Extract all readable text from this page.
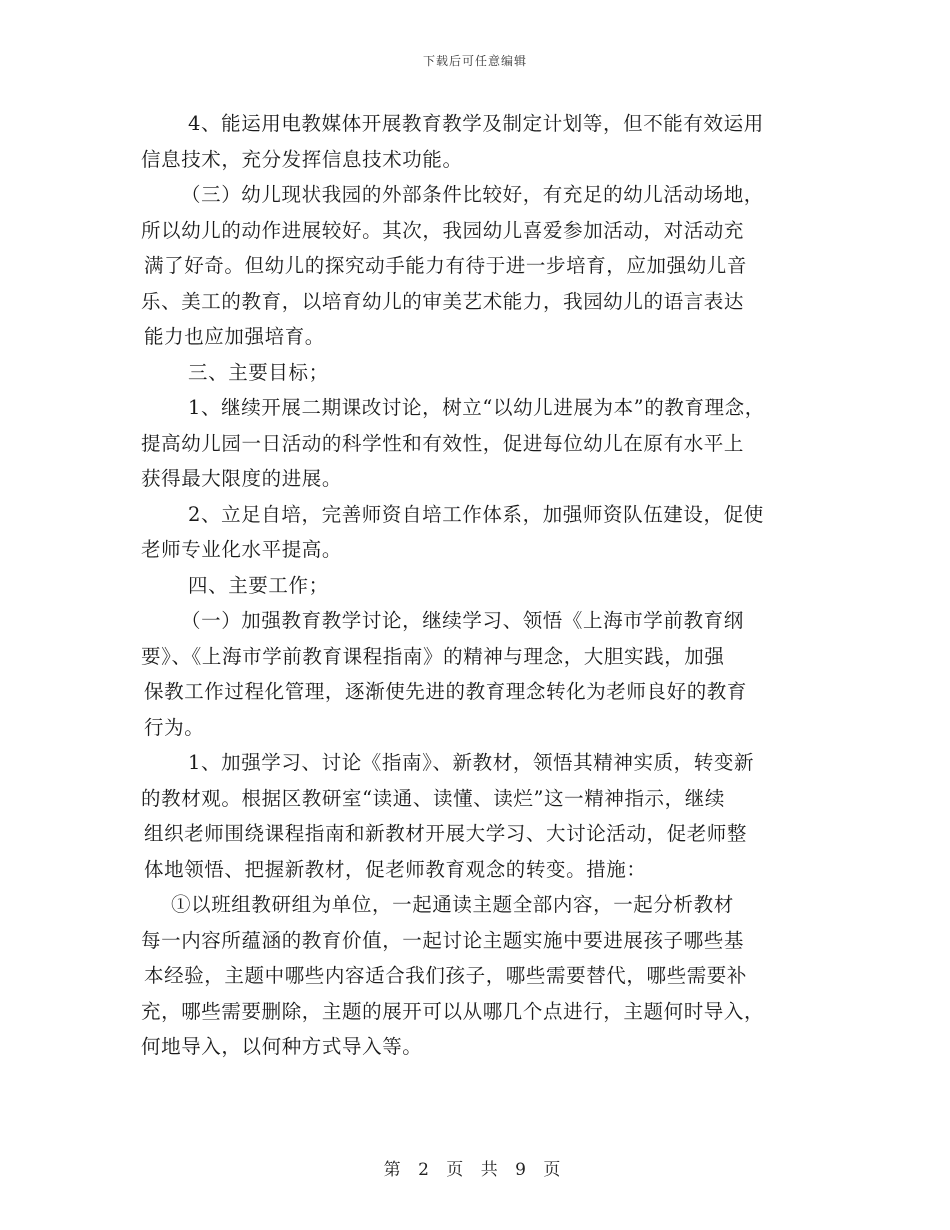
下载后可任意编辑
4、能运用电教媒体开展教育教学及制定计划等，但不能有效运用
信息技术，充分发挥信息技术功能。
（三）幼儿现状我园的外部条件比较好，有充足的幼儿活动场地，
所以幼儿的动作进展较好。其次，我园幼儿喜爱参加活动，对活动充
满了好奇。但幼儿的探究动手能力有待于进一步培育，应加强幼儿音
乐、美工的教育，以培育幼儿的审美艺术能力，我园幼儿的语言表达
能力也应加强培育。
三、主要目标；
1、继续开展二期课改讨论，树立“以幼儿进展为本”的教育理念，
提高幼儿园一日活动的科学性和有效性，促进每位幼儿在原有水平上
获得最大限度的进展。
2、立足自培，完善师资自培工作体系，加强师资队伍建设，促使
老师专业化水平提高。
四、主要工作；
（一）加强教育教学讨论，继续学习、领悟《上海市学前教育纲
要》、《上海市学前教育课程指南》的精神与理念，大胆实践，加强
保教工作过程化管理，逐渐使先进的教育理念转化为老师良好的教育
行为。
1、加强学习、讨论《指南》、新教材，领悟其精神实质，转变新
的教材观。根据区教研室“读通、读懂、读烂”这一精神指示，继续
组织老师围绕课程指南和新教材开展大学习、大讨论活动，促老师整
体地领悟、把握新教材，促老师教育观念的转变。措施：
①以班组教研组为单位，一起通读主题全部内容，一起分析教材
每一内容所蕴涵的教育价值，一起讨论主题实施中要进展孩子哪些基
本经验，主题中哪些内容适合我们孩子，哪些需要替代，哪些需要补
充，哪些需要删除，主题的展开可以从哪几个点进行，主题何时导入，
何地导入，以何种方式导入等。
第 2 页 共 9 页
